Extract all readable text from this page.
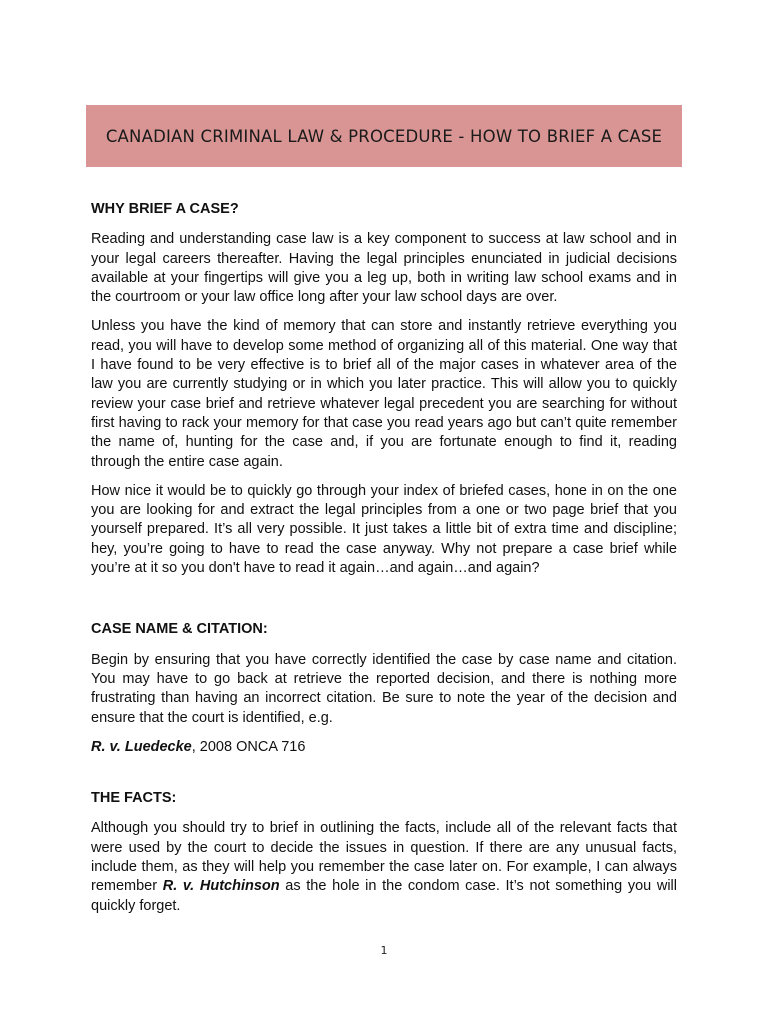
CANADIAN CRIMINAL LAW & PROCEDURE - HOW TO BRIEF A CASE

WHY BRIEF A CASE?

Reading and understanding case law is a key component to success at law school and in your legal careers thereafter. Having the legal principles enunciated in judicial decisions available at your fingertips will give you a leg up, both in writing law school exams and in the courtroom or your law office long after your law school days are over.

Unless you have the kind of memory that can store and instantly retrieve everything you read, you will have to develop some method of organizing all of this material. One way that I have found to be very effective is to brief all of the major cases in whatever area of the law you are currently studying or in which you later practice. This will allow you to quickly review your case brief and retrieve whatever legal precedent you are searching for without first having to rack your memory for that case you read years ago but can’t quite remember the name of, hunting for the case and, if you are fortunate enough to find it, reading through the entire case again.

How nice it would be to quickly go through your index of briefed cases, hone in on the one you are looking for and extract the legal principles from a one or two page brief that you yourself prepared. It’s all very possible. It just takes a little bit of extra time and discipline; hey, you’re going to have to read the case anyway. Why not prepare a case brief while you’re at it so you don't have to read it again…and again…and again?

CASE NAME & CITATION:

Begin by ensuring that you have correctly identified the case by case name and citation. You may have to go back at retrieve the reported decision, and there is nothing more frustrating than having an incorrect citation. Be sure to note the year of the decision and ensure that the court is identified, e.g.

R. v. Luedecke, 2008 ONCA 716

THE FACTS:

Although you should try to brief in outlining the facts, include all of the relevant facts that were used by the court to decide the issues in question. If there are any unusual facts, include them, as they will help you remember the case later on. For example, I can always remember R. v. Hutchinson as the hole in the condom case. It’s not something you will quickly forget.

1
